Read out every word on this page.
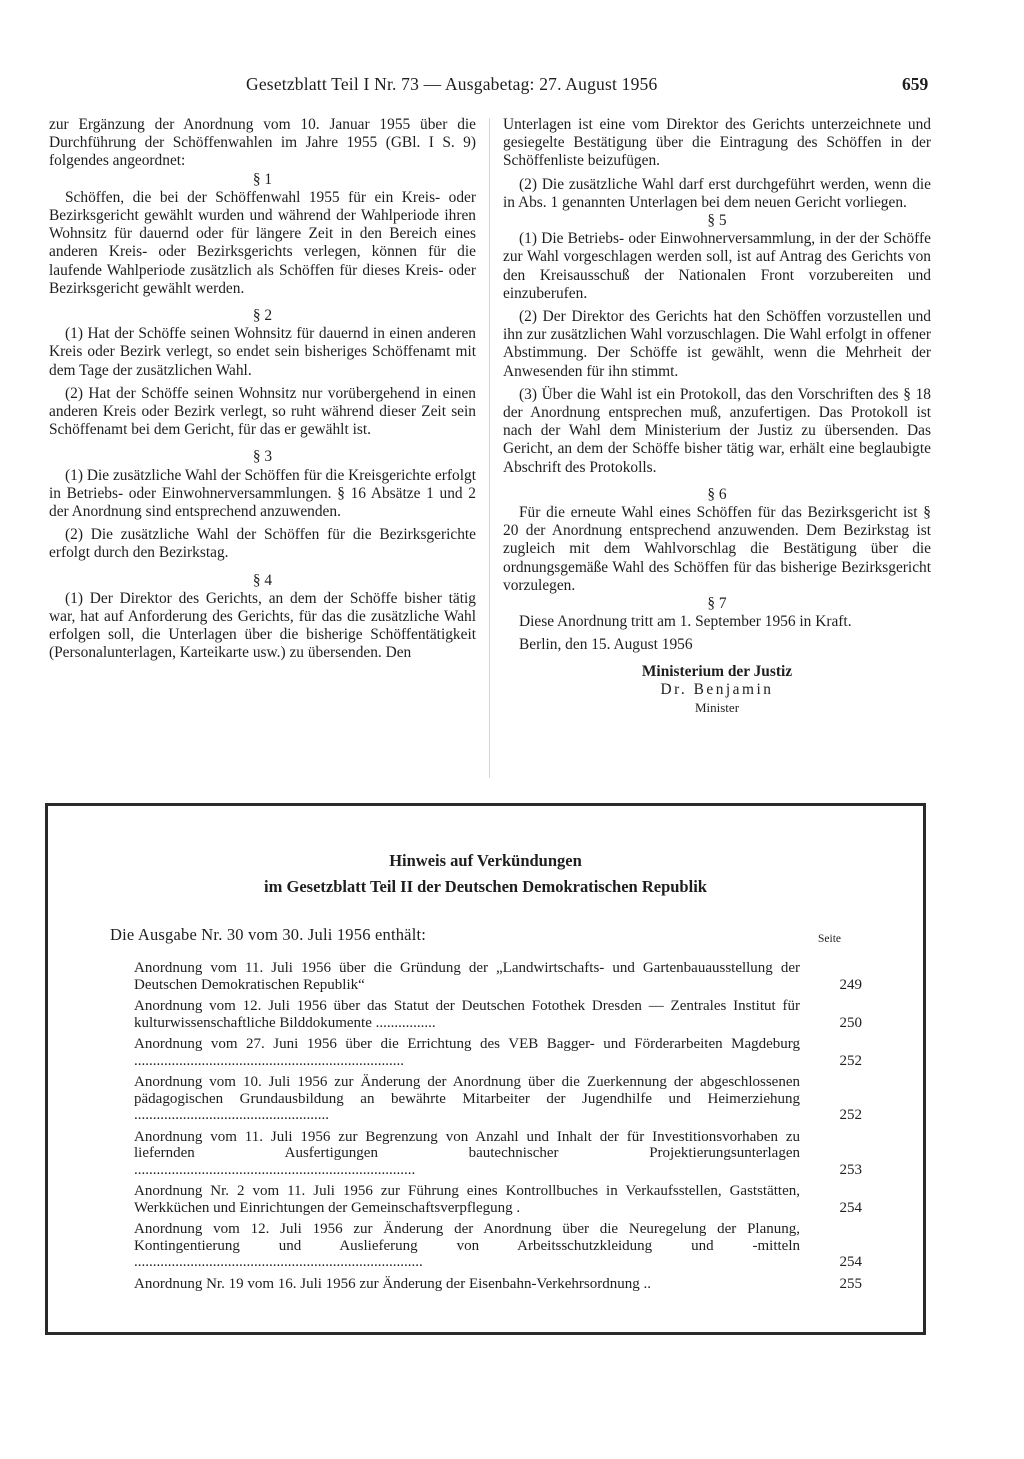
Gesetzblatt Teil I Nr. 73 — Ausgabetag: 27. August 1956	659

zur Ergänzung der Anordnung vom 10. Januar 1955 über die Durchführung der Schöffenwahlen im Jahre 1955 (GBl. I S. 9) folgendes angeordnet:

§ 1

Schöffen, die bei der Schöffenwahl 1955 für ein Kreis- oder Bezirksgericht gewählt wurden und während der Wahlperiode ihren Wohnsitz für dauernd oder für längere Zeit in den Bereich eines anderen Kreis- oder Bezirksgerichts verlegen, können für die laufende Wahlperiode zusätzlich als Schöffen für dieses Kreis- oder Bezirksgericht gewählt werden.

§ 2

(1) Hat der Schöffe seinen Wohnsitz für dauernd in einen anderen Kreis oder Bezirk verlegt, so endet sein bisheriges Schöffenamt mit dem Tage der zusätzlichen Wahl.

(2) Hat der Schöffe seinen Wohnsitz nur vorübergehend in einen anderen Kreis oder Bezirk verlegt, so ruht während dieser Zeit sein Schöffenamt bei dem Gericht, für das er gewählt ist.

§ 3

(1) Die zusätzliche Wahl der Schöffen für die Kreisgerichte erfolgt in Betriebs- oder Einwohnerversammlungen. § 16 Absätze 1 und 2 der Anordnung sind entsprechend anzuwenden.

(2) Die zusätzliche Wahl der Schöffen für die Bezirksgerichte erfolgt durch den Bezirkstag.

§ 4

(1) Der Direktor des Gerichts, an dem der Schöffe bisher tätig war, hat auf Anforderung des Gerichts, für das die zusätzliche Wahl erfolgen soll, die Unterlagen über die bisherige Schöffentätigkeit (Personalunterlagen, Karteikarte usw.) zu übersenden. Den

Unterlagen ist eine vom Direktor des Gerichts unterzeichnete und gesiegelte Bestätigung über die Eintragung des Schöffen in der Schöffenliste beizufügen.

(2) Die zusätzliche Wahl darf erst durchgeführt werden, wenn die in Abs. 1 genannten Unterlagen bei dem neuen Gericht vorliegen.

§ 5

(1) Die Betriebs- oder Einwohnerversammlung, in der der Schöffe zur Wahl vorgeschlagen werden soll, ist auf Antrag des Gerichts von den Kreisausschuß der Nationalen Front vorzubereiten und einzuberufen.

(2) Der Direktor des Gerichts hat den Schöffen vorzustellen und ihn zur zusätzlichen Wahl vorzuschlagen. Die Wahl erfolgt in offener Abstimmung. Der Schöffe ist gewählt, wenn die Mehrheit der Anwesenden für ihn stimmt.

(3) Über die Wahl ist ein Protokoll, das den Vorschriften des § 18 der Anordnung entsprechen muß, anzufertigen. Das Protokoll ist nach der Wahl dem Ministerium der Justiz zu übersenden. Das Gericht, an dem der Schöffe bisher tätig war, erhält eine beglaubigte Abschrift des Protokolls.

§ 6

Für die erneute Wahl eines Schöffen für das Bezirksgericht ist § 20 der Anordnung entsprechend anzuwenden. Dem Bezirkstag ist zugleich mit dem Wahlvorschlag die Bestätigung über die ordnungsgemäße Wahl des Schöffen für das bisherige Bezirksgericht vorzulegen.

§ 7

Diese Anordnung tritt am 1. September 1956 in Kraft.

Berlin, den 15. August 1956

Ministerium der Justiz
Dr. Benjamin
Minister
Hinweis auf Verkündungen
im Gesetzblatt Teil II der Deutschen Demokratischen Republik
Die Ausgabe Nr. 30 vom 30. Juli 1956 enthält:	Seite
Anordnung vom 11. Juli 1956 über die Gründung der „Landwirtschafts- und Gartenbauausstellung der Deutschen Demokratischen Republik“	249
Anordnung vom 12. Juli 1956 über das Statut der Deutschen Fotothek Dresden — Zentrales Institut für kulturwissenschaftliche Bilddokumente ................	250
Anordnung vom 27. Juni 1956 über die Errichtung des VEB Bagger- und Förderarbeiten Magdeburg ........................................................................	252
Anordnung vom 10. Juli 1956 zur Änderung der Anordnung über die Zuerkennung der abgeschlossenen pädagogischen Grundausbildung an bewährte Mitarbeiter der Jugendhilfe und Heimerziehung ....................................................	252
Anordnung vom 11. Juli 1956 zur Begrenzung von Anzahl und Inhalt der für Investitionsvorhaben zu liefernden Ausfertigungen bautechnischer Projektierungsunterlagen ...........................................................................	253
Anordnung Nr. 2 vom 11. Juli 1956 zur Führung eines Kontrollbuches in Verkaufsstellen, Gaststätten, Werkküchen und Einrichtungen der Gemeinschaftsverpflegung .	254
Anordnung vom 12. Juli 1956 zur Änderung der Anordnung über die Neuregelung der Planung, Kontingentierung und Auslieferung von Arbeitsschutzkleidung und -mitteln .............................................................................	254
Anordnung Nr. 19 vom 16. Juli 1956 zur Änderung der Eisenbahn-Verkehrsordnung ..	255
